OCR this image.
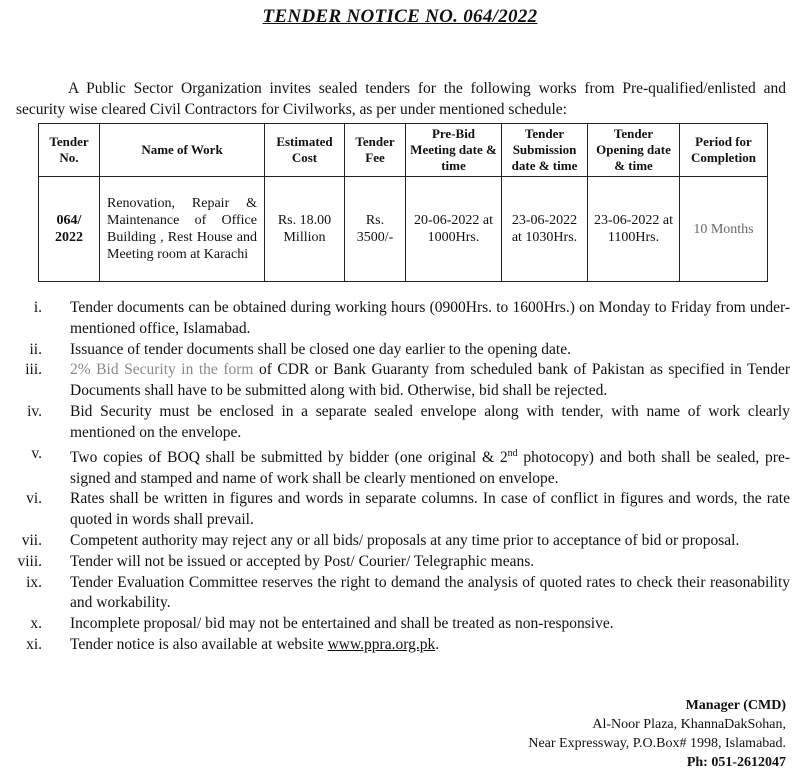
TENDER NOTICE NO. 064/2022

A Public Sector Organization invites sealed tenders for the following works from Pre-qualified/enlisted and security wise cleared Civil Contractors for Civilworks, as per under mentioned schedule:

Tender No.	Name of Work	Estimated Cost	Tender Fee	Pre-Bid Meeting date & time	Tender Submission date & time	Tender Opening date & time	Period for Completion
064/ 2022	Renovation, Repair & Maintenance of Office Building , Rest House and Meeting room at Karachi	Rs. 18.00 Million	Rs. 3500/-	20-06-2022 at 1000Hrs.	23-06-2022 at 1030Hrs.	23-06-2022 at 1100Hrs.	10 Months
i. Tender documents can be obtained during working hours (0900Hrs. to 1600Hrs.) on Monday to Friday from under- mentioned office, Islamabad.
ii. Issuance of tender documents shall be closed one day earlier to the opening date.
iii. 2% Bid Security in the form of CDR or Bank Guaranty from scheduled bank of Pakistan as specified in Tender Documents shall have to be submitted along with bid. Otherwise, bid shall be rejected.
iv. Bid Security must be enclosed in a separate sealed envelope along with tender, with name of work clearly mentioned on the envelope.
v. Two copies of BOQ shall be submitted by bidder (one original & 2nd photocopy) and both shall be sealed, pre-signed and stamped and name of work shall be clearly mentioned on envelope.
vi. Rates shall be written in figures and words in separate columns. In case of conflict in figures and words, the rate quoted in words shall prevail.
vii. Competent authority may reject any or all bids/ proposals at any time prior to acceptance of bid or proposal.
viii. Tender will not be issued or accepted by Post/ Courier/ Telegraphic means.
ix. Tender Evaluation Committee reserves the right to demand the analysis of quoted rates to check their reasonability and workability.
x. Incomplete proposal/ bid may not be entertained and shall be treated as non-responsive.
xi. Tender notice is also available at website www.ppra.org.pk.
Manager (CMD)
Al-Noor Plaza, KhannaDakSohan,
Near Expressway, P.O.Box# 1998, Islamabad.
Ph: 051-2612047
